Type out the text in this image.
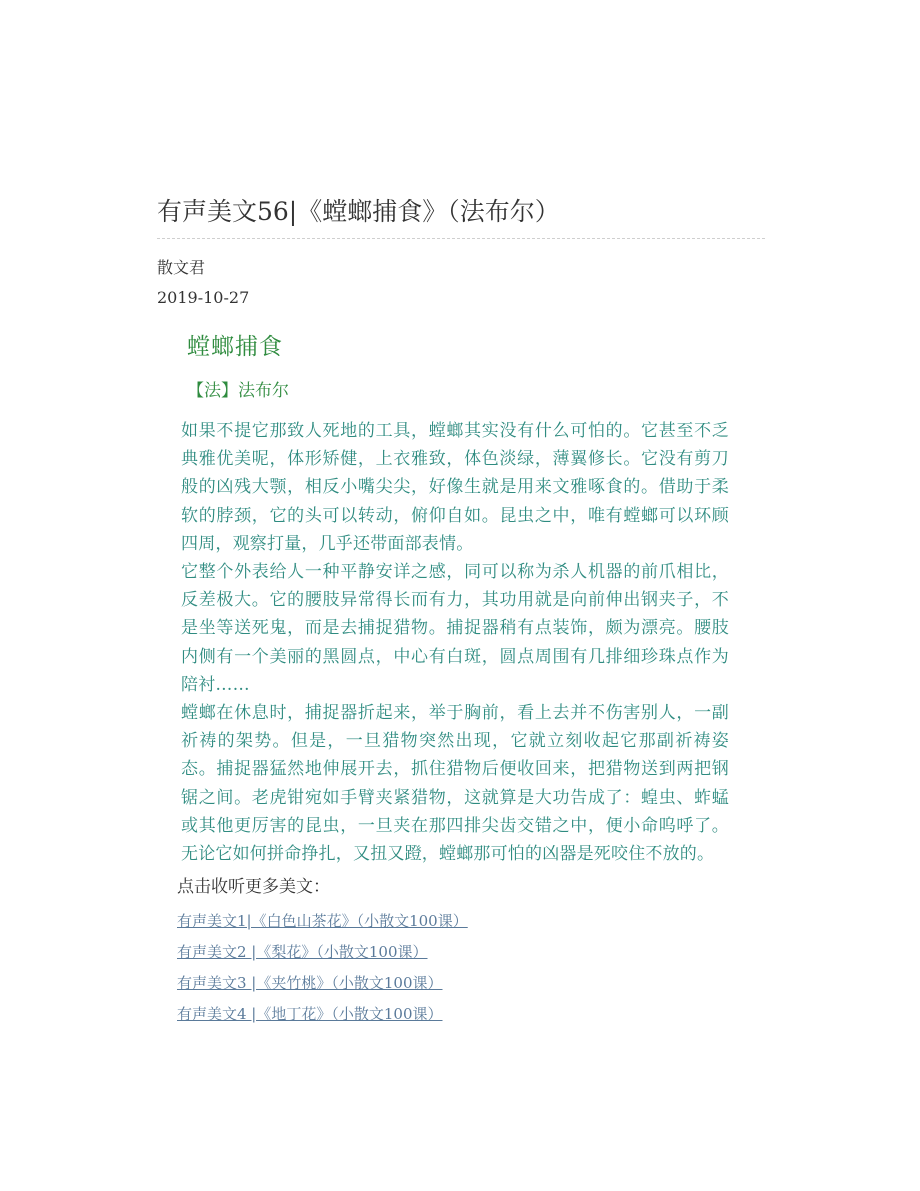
有声美文56|《螳螂捕食》（法布尔）
散文君
2019-10-27
螳螂捕食

【法】法布尔

如果不提它那致人死地的工具，螳螂其实没有什么可怕的。它甚至不乏典雅优美呢，体形矫健，上衣雅致，体色淡绿，薄翼修长。它没有剪刀般的凶残大颚，相反小嘴尖尖，好像生就是用来文雅啄食的。借助于柔软的脖颈，它的头可以转动，俯仰自如。昆虫之中，唯有螳螂可以环顾四周，观察打量，几乎还带面部表情。

它整个外表给人一种平静安详之感，同可以称为杀人机器的前爪相比，反差极大。它的腰肢异常得长而有力，其功用就是向前伸出钢夹子，不是坐等送死鬼，而是去捕捉猎物。捕捉器稍有点装饰，颇为漂亮。腰肢内侧有一个美丽的黑圆点，中心有白斑，圆点周围有几排细珍珠点作为陪衬……

螳螂在休息时，捕捉器折起来，举于胸前，看上去并不伤害别人，一副祈祷的架势。但是，一旦猎物突然出现，它就立刻收起它那副祈祷姿态。捕捉器猛然地伸展开去，抓住猎物后便收回来，把猎物送到两把钢锯之间。老虎钳宛如手臂夹紧猎物，这就算是大功告成了：蝗虫、蚱蜢或其他更厉害的昆虫，一旦夹在那四排尖齿交错之中，便小命呜呼了。无论它如何拼命挣扎，又扭又蹬，螳螂那可怕的凶器是死咬住不放的。

点击收听更多美文：
有声美文1|《白色山茶花》（小散文100课）
有声美文2 |《梨花》（小散文100课）
有声美文3 |《夹竹桃》（小散文100课）
有声美文4 |《地丁花》（小散文100课）
